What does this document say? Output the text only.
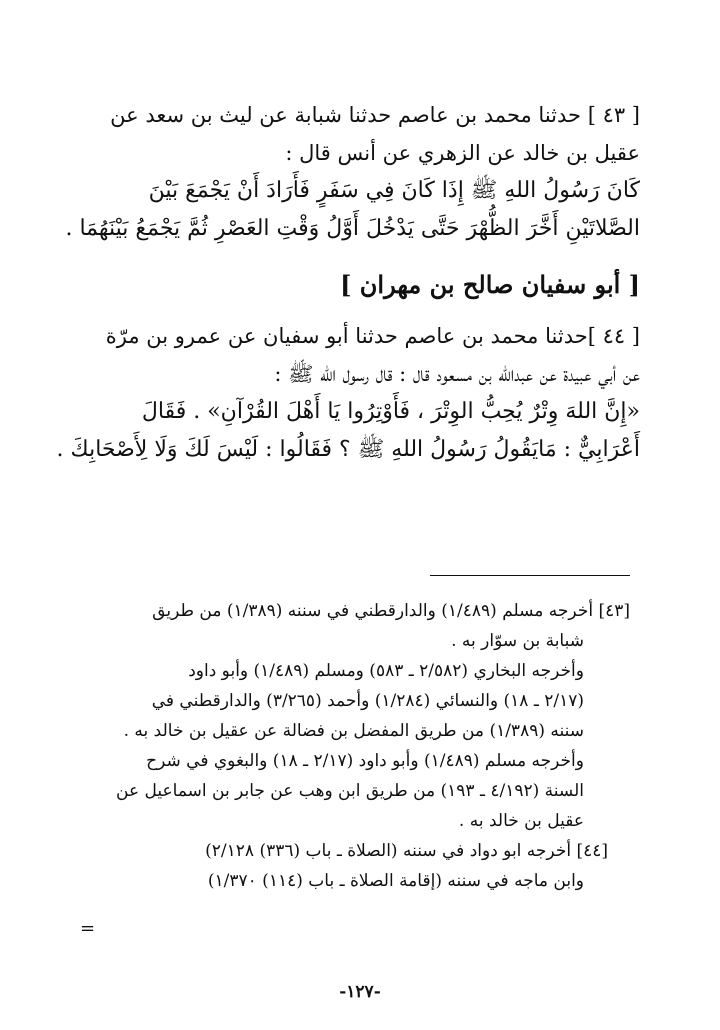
[ ٤٣ ] حدثنا محمد بن عاصم حدثنا شبابة عن ليث بن سعد عن

عقيل بن خالد عن الزهري عن أنس قال :

كَانَ رَسُولُ اللهِ ﷺ إِذَا كَانَ فِي سَفَرٍ فَأَرَادَ أَنْ يَجْمَعَ بَيْنَ

الصَّلاتَيْنِ أَخَّرَ الظُّهْرَ حَتَّى يَدْخُلَ أَوَّلُ وَقْتِ العَصْرِ ثُمَّ يَجْمَعُ بَيْنَهُمَا .

[ أبو سفيان صالح بن مهران ]

[ ٤٤ ]حدثنا محمد بن عاصم حدثنا أبو سفيان عن عمرو بن مرّة

عن أبي عبيدة عن عبدالله بن مسعود قال : قال رسول الله ﷺ :

«إِنَّ اللهَ وِتْرٌ يُحِبُّ الوِتْرَ ، فَأَوْتِرُوا يَا أَهْلَ القُرْآنِ» . فَقَالَ

أَعْرَابِيٌّ : مَايَقُولُ رَسُولُ اللهِ ﷺ ؟ فَقَالُوا : لَيْسَ لَكَ وَلَا لِأَصْحَابِكَ .

[٤٣] أخرجه مسلم (١/٤٨٩) والدارقطني في سننه (١/٣٨٩) من طريق

شبابة بن سوّار به .

وأخرجه البخاري (٢/٥٨٢ ـ ٥٨٣) ومسلم (١/٤٨٩) وأبو داود

(٢/١٧ ـ ١٨) والنسائي (١/٢٨٤) وأحمد (٣/٢٦٥) والدارقطني في

سننه (١/٣٨٩) من طريق المفضل بن فضالة عن عقيل بن خالد به .

وأخرجه مسلم (١/٤٨٩) وأبو داود (٢/١٧ ـ ١٨) والبغوي في شرح

السنة (٤/١٩٢ ـ ١٩٣) من طريق ابن وهب عن جابر بن اسماعيل عن

عقيل بن خالد به .

[٤٤] أخرجه ابو دواد في سننه (الصلاة ـ باب (٣٣٦) ٢/١٢٨)

وابن ماجه في سننه (إقامة الصلاة ـ باب (١١٤) ١/٣٧٠)

=
-١٢٧-
